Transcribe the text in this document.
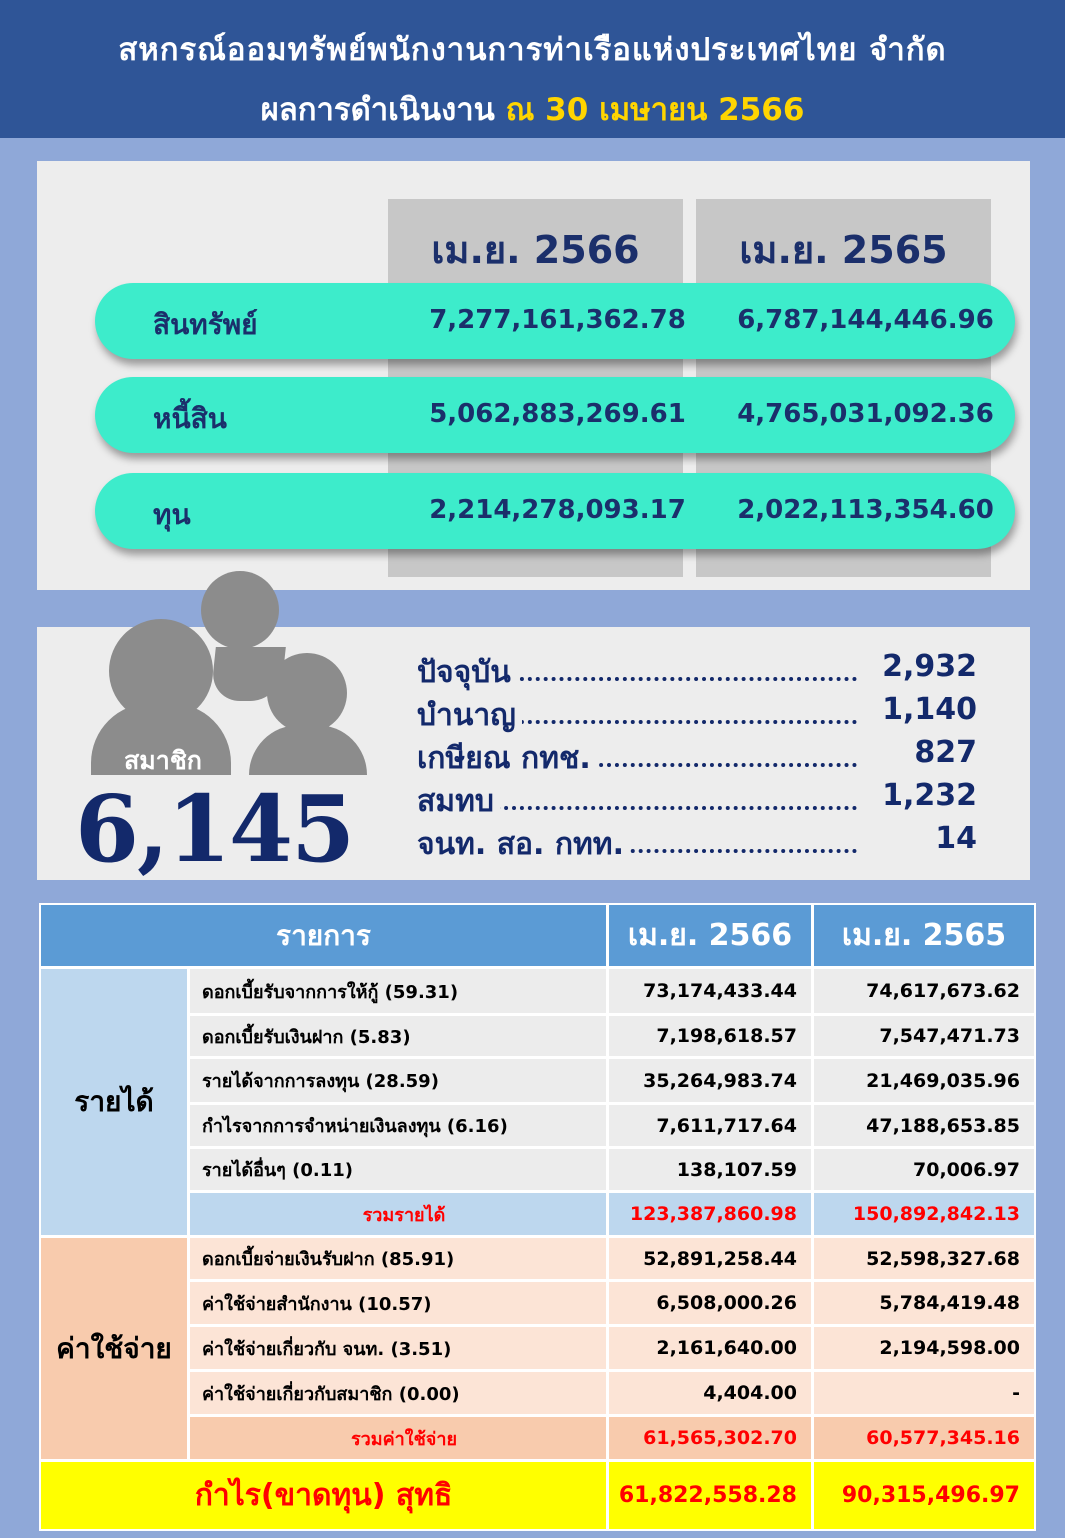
สหกรณ์ออมทรัพย์พนักงานการท่าเรือแห่งประเทศไทย จำกัด
ผลการดำเนินงาน ณ 30 เมษายน 2566
เม.ย. 2566	เม.ย. 2565
สินทรัพย์	7,277,161,362.78	6,787,144,446.96
หนี้สิน	5,062,883,269.61	4,765,031,092.36
ทุน	2,214,278,093.17	2,022,113,354.60
สมาชิก
6,145
ปัจจุบัน	2,932
บำนาญ	1,140
เกษียณ กทช.	827
สมทบ	1,232
จนท. สอ. กทท.	14
รายการ	เม.ย. 2566	เม.ย. 2565
รายได้
ดอกเบี้ยรับจากการให้กู้ (59.31)	73,174,433.44	74,617,673.62
ดอกเบี้ยรับเงินฝาก (5.83)	7,198,618.57	7,547,471.73
รายได้จากการลงทุน (28.59)	35,264,983.74	21,469,035.96
กำไรจากการจำหน่ายเงินลงทุน (6.16)	7,611,717.64	47,188,653.85
รายได้อื่นๆ (0.11)	138,107.59	70,006.97
รวมรายได้	123,387,860.98	150,892,842.13
ค่าใช้จ่าย
ดอกเบี้ยจ่ายเงินรับฝาก (85.91)	52,891,258.44	52,598,327.68
ค่าใช้จ่ายสำนักงาน (10.57)	6,508,000.26	5,784,419.48
ค่าใช้จ่ายเกี่ยวกับ จนท. (3.51)	2,161,640.00	2,194,598.00
ค่าใช้จ่ายเกี่ยวกับสมาชิก (0.00)	4,404.00	-
รวมค่าใช้จ่าย	61,565,302.70	60,577,345.16
กำไร(ขาดทุน) สุทธิ	61,822,558.28	90,315,496.97
